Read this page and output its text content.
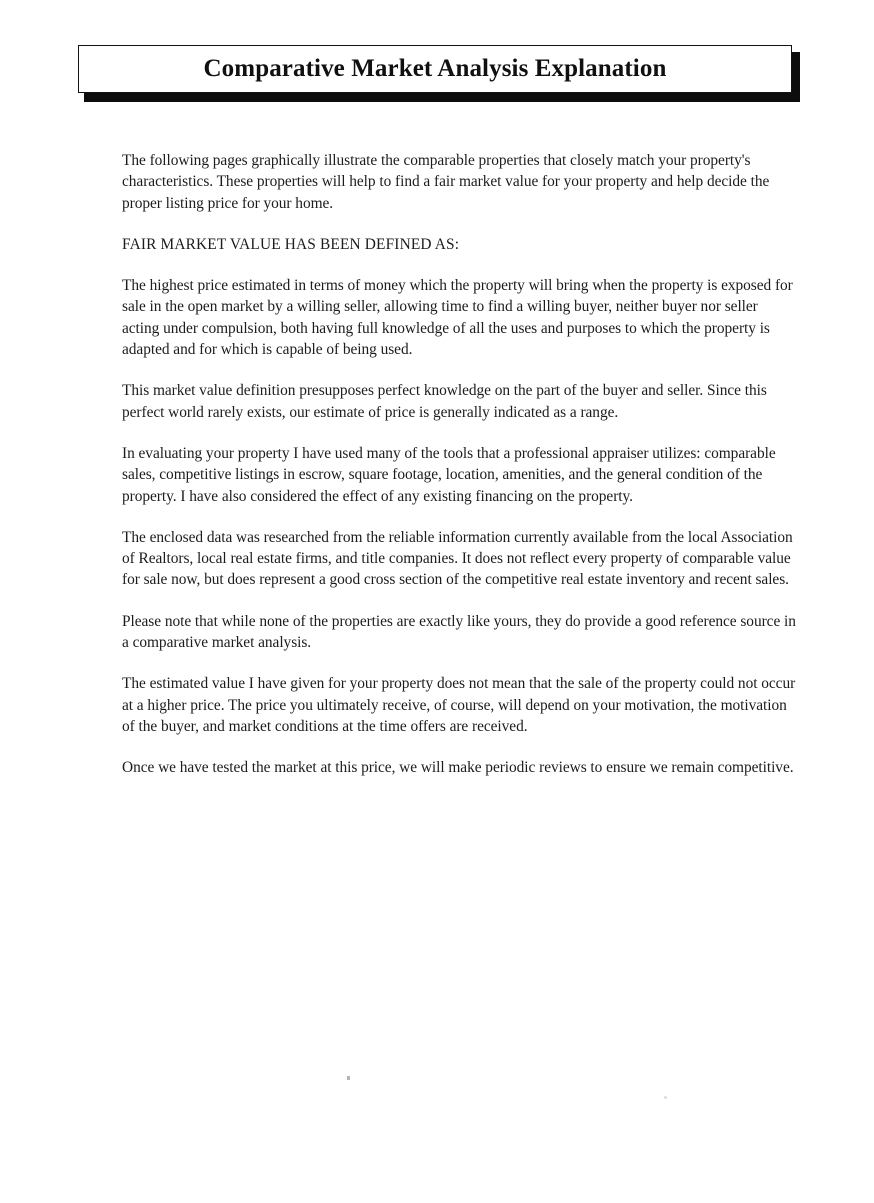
Comparative Market Analysis Explanation

The following pages graphically illustrate the comparable properties that closely match your property's characteristics. These properties will help to find a fair market value for your property and help decide the proper listing price for your home.

FAIR MARKET VALUE HAS BEEN DEFINED AS:

The highest price estimated in terms of money which the property will bring when the property is exposed for sale in the open market by a willing seller, allowing time to find a willing buyer, neither buyer nor seller acting under compulsion, both having full knowledge of all the uses and purposes to which the property is adapted and for which is capable of being used.

This market value definition presupposes perfect knowledge on the part of the buyer and seller. Since this perfect world rarely exists, our estimate of price is generally indicated as a range.

In evaluating your property I have used many of the tools that a professional appraiser utilizes: comparable sales, competitive listings in escrow, square footage, location, amenities, and the general condition of the property. I have also considered the effect of any existing financing on the property.

The enclosed data was researched from the reliable information currently available from the local Association of Realtors, local real estate firms, and title companies. It does not reflect every property of comparable value for sale now, but does represent a good cross section of the competitive real estate inventory and recent sales.

Please note that while none of the properties are exactly like yours, they do provide a good reference source in a comparative market analysis.

The estimated value I have given for your property does not mean that the sale of the property could not occur at a higher price. The price you ultimately receive, of course, will depend on your motivation, the motivation of the buyer, and market conditions at the time offers are received.

Once we have tested the market at this price, we will make periodic reviews to ensure we remain competitive.
